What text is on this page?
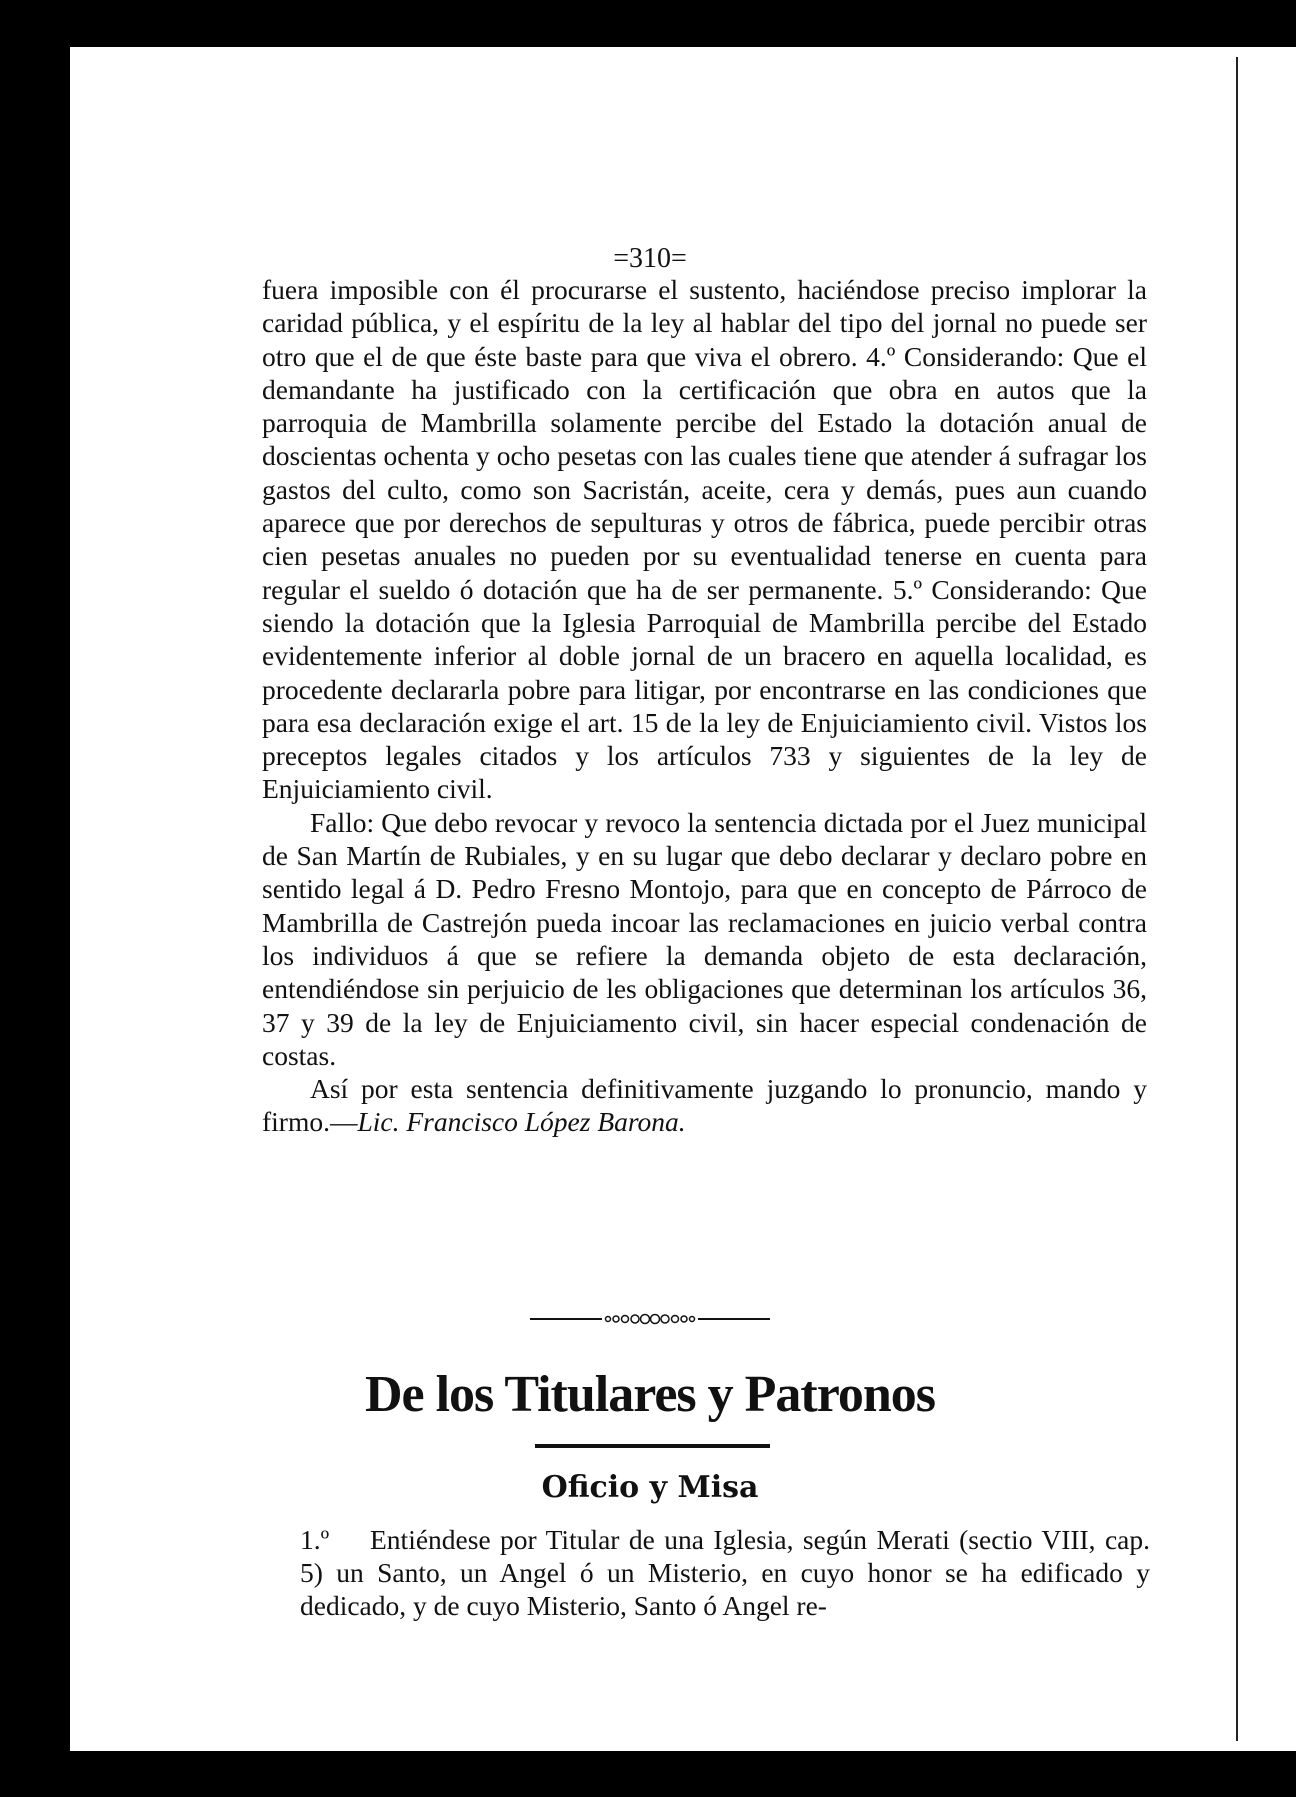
=310=

fuera imposible con él procurarse el sustento, haciéndose preciso implorar la caridad pública, y el espíritu de la ley al hablar del tipo del jornal no puede ser otro que el de que éste baste para que viva el obrero. 4.º Considerando: Que el demandante ha justificado con la certificación que obra en autos que la parroquia de Mambrilla solamente percibe del Estado la dotación anual de doscientas ochenta y ocho pesetas con las cuales tiene que atender á sufragar los gastos del culto, como son Sacristán, aceite, cera y demás, pues aun cuando aparece que por derechos de sepulturas y otros de fábrica, puede percibir otras cien pesetas anuales no pueden por su eventualidad tenerse en cuenta para regular el sueldo ó dotación que ha de ser permanente. 5.º Considerando: Que siendo la dotación que la Iglesia Parroquial de Mambrilla percibe del Estado evidentemente inferior al doble jornal de un bracero en aquella localidad, es procedente declararla pobre para litigar, por encontrarse en las condiciones que para esa declaración exige el art. 15 de la ley de Enjuiciamiento civil. Vistos los preceptos legales citados y los artículos 733 y siguientes de la ley de Enjuiciamiento civil.

Fallo: Que debo revocar y revoco la sentencia dictada por el Juez municipal de San Martín de Rubiales, y en su lugar que debo declarar y declaro pobre en sentido legal á D. Pedro Fresno Montojo, para que en concepto de Párroco de Mambrilla de Castrejón pueda incoar las reclamaciones en juicio verbal contra los individuos á que se refiere la demanda objeto de esta declaración, entendiéndose sin perjuicio de les obligaciones que determinan los artículos 36, 37 y 39 de la ley de Enjuiciamento civil, sin hacer especial condenación de costas.

Así por esta sentencia definitivamente juzgando lo pronuncio, mando y firmo.—Lic. Francisco López Barona.

De los Titulares y Patronos
Oficio y Misa
1.º Entiéndese por Titular de una Iglesia, según Merati (sectio VIII, cap. 5) un Santo, un Angel ó un Misterio, en cuyo honor se ha edificado y dedicado, y de cuyo Misterio, Santo ó Angel re-
